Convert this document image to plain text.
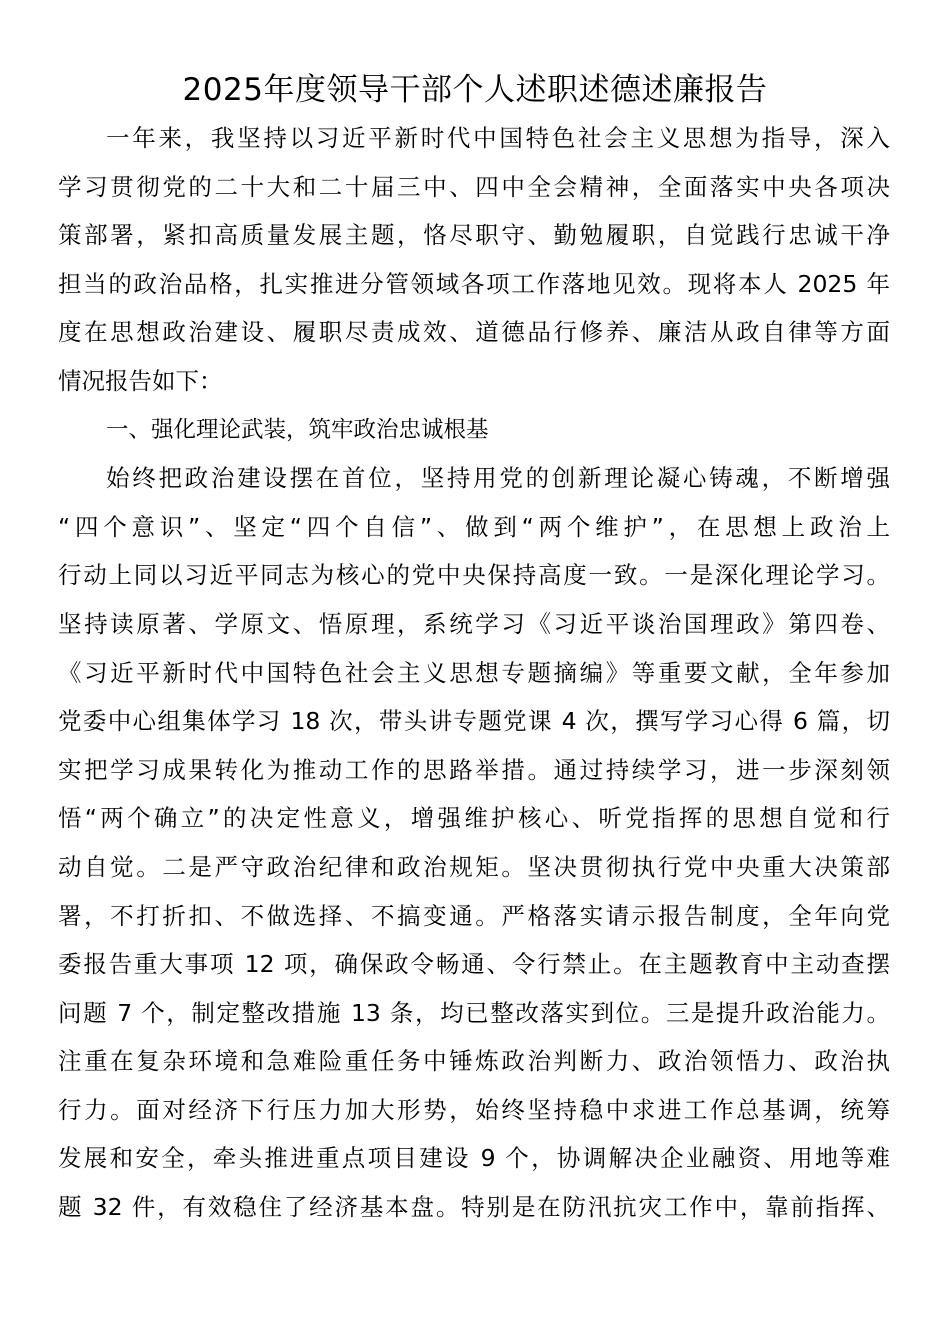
2025年度领导干部个人述职述德述廉报告
一年来，我坚持以习近平新时代中国特色社会主义思想为指导，深入
学习贯彻党的二十大和二十届三中、四中全会精神，全面落实中央各项决
策部署，紧扣高质量发展主题，恪尽职守、勤勉履职，自觉践行忠诚干净
担当的政治品格，扎实推进分管领域各项工作落地见效。现将本人 2025 年
度在思想政治建设、履职尽责成效、道德品行修养、廉洁从政自律等方面
情况报告如下：
一、强化理论武装，筑牢政治忠诚根基
始终把政治建设摆在首位，坚持用党的创新理论凝心铸魂，不断增强
“四个意识”、坚定“四个自信”、做到“两个维护”，在思想上政治上
行动上同以习近平同志为核心的党中央保持高度一致。一是深化理论学习。
坚持读原著、学原文、悟原理，系统学习《习近平谈治国理政》第四卷、
《习近平新时代中国特色社会主义思想专题摘编》等重要文献，全年参加
党委中心组集体学习 18 次，带头讲专题党课 4 次，撰写学习心得 6 篇，切
实把学习成果转化为推动工作的思路举措。通过持续学习，进一步深刻领
悟“两个确立”的决定性意义，增强维护核心、听党指挥的思想自觉和行
动自觉。二是严守政治纪律和政治规矩。坚决贯彻执行党中央重大决策部
署，不打折扣、不做选择、不搞变通。严格落实请示报告制度，全年向党
委报告重大事项 12 项，确保政令畅通、令行禁止。在主题教育中主动查摆
问题 7 个，制定整改措施 13 条，均已整改落实到位。三是提升政治能力。
注重在复杂环境和急难险重任务中锤炼政治判断力、政治领悟力、政治执
行力。面对经济下行压力加大形势，始终坚持稳中求进工作总基调，统筹
发展和安全，牵头推进重点项目建设 9 个，协调解决企业融资、用地等难
题 32 件，有效稳住了经济基本盘。特别是在防汛抗灾工作中，靠前指挥、
